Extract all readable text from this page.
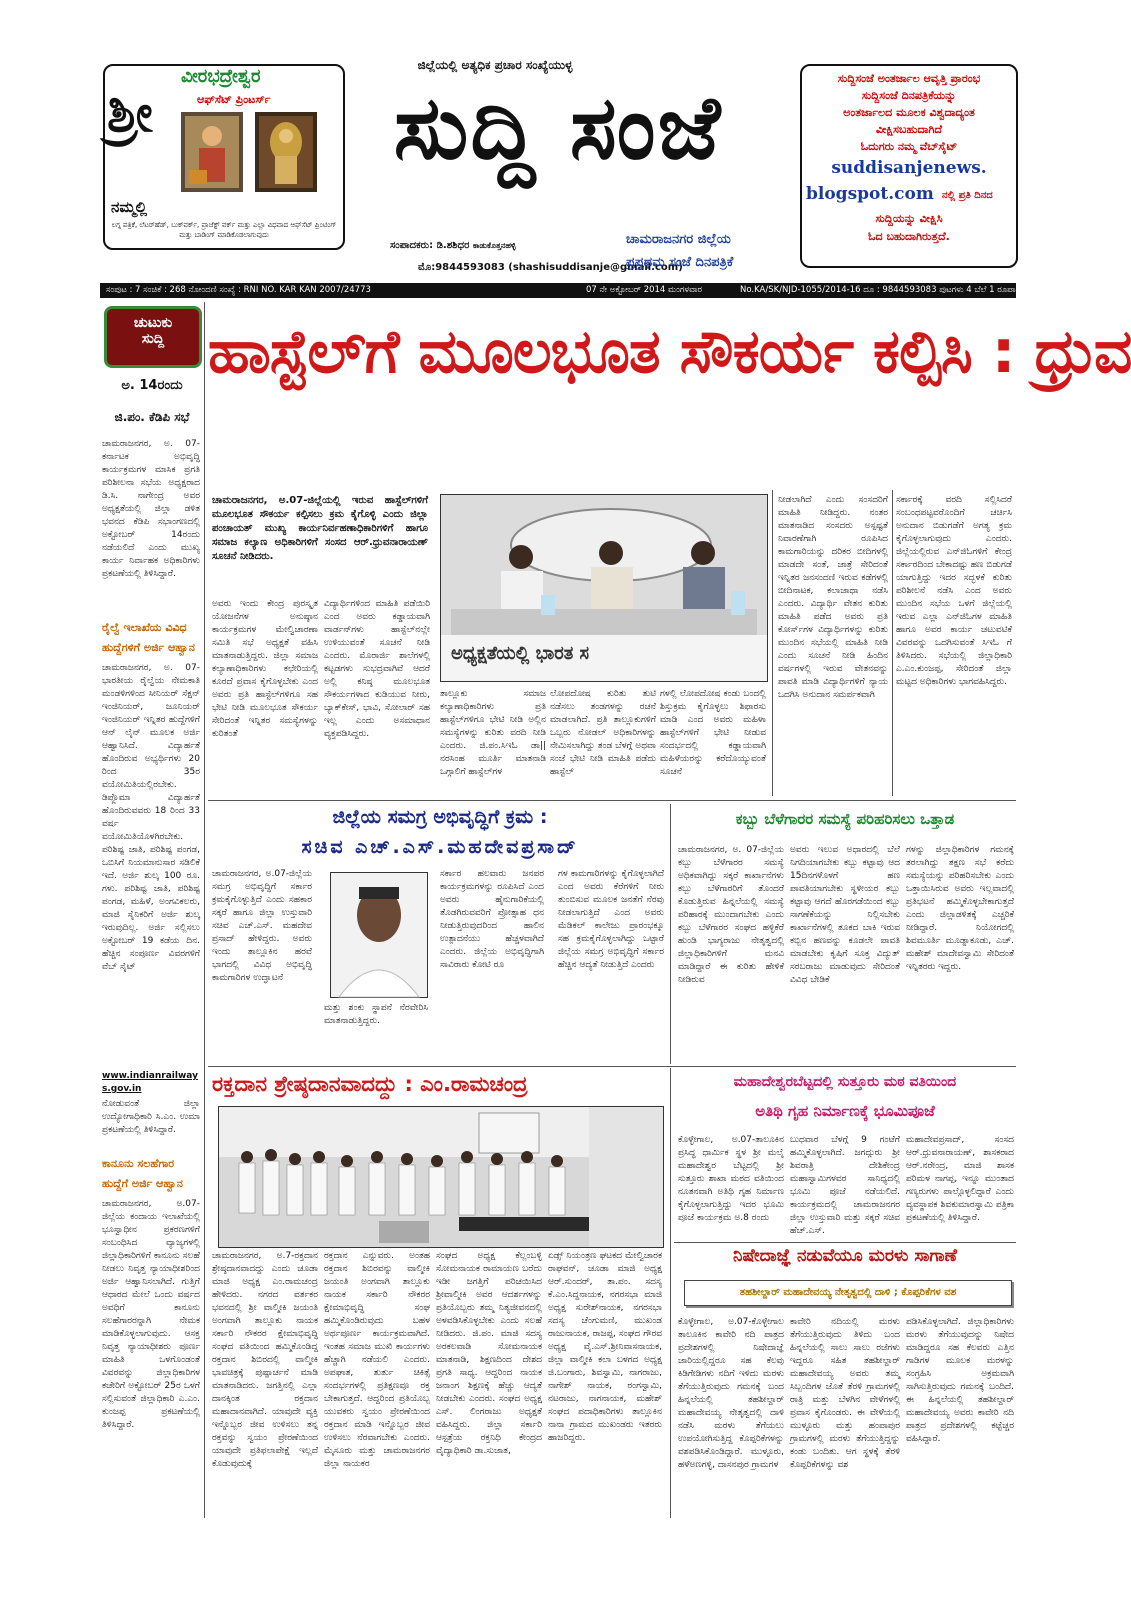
ಶ್ರೀ
ವೀರಭದ್ರೇಶ್ವರ
ಆಫ್‌ಸೆಟ್ ಪ್ರಿಂಟರ್ಸ್
ನಮ್ಮಲ್ಲಿ
ಲಗ್ನ ಪತ್ರಿಕೆ, ಲೆಟರ್‌ಹೆಡ್, ಬುಕ್‌ವರ್ಕ್, ಪ್ರಾಜೆಕ್ಟ್ ವರ್ಕ್ ಮತ್ತು ಎಲ್ಲಾ ವಿಧವಾದ ಆಫ್‌ಸೆಟ್ ಪ್ರಿಂಟಿಂಗ್ ಮತ್ತು ಬಾಡಿಂಗ್ ಮಾಡಿಕೊಡಲಾಗುವುದು
ಜಿಲ್ಲೆಯಲ್ಲಿ ಅತ್ಯಧಿಕ ಪ್ರಚಾರ ಸಂಖ್ಯೆಯುಳ್ಳ
ಸುದ್ದಿ ಸಂಜೆ
ಸಂಪಾದಕರು: ಡಿ.ಶಶಿಧರ ಕಾಡುಕೊತ್ತನಹಳ್ಳಿ
ಮೊ:9844593083 (shashisuddisanje@gmail.com)
ಚಾಮರಾಜನಗರ ಜಿಲ್ಲೆಯ
ಪ್ರಪ್ರಥಮ ಸಂಜೆ ದಿನಪತ್ರಿಕೆ
ಸುದ್ದಿಸಂಜೆ ಅಂತರ್ಜಾಲ ಆವೃತ್ತಿ ಪ್ರಾರಂಭ
ಸುದ್ದಿಸಂಜೆ ದಿನಪತ್ರಿಕೆಯನ್ನು
ಅಂತರ್ಜಾಲದ ಮೂಲಕ ವಿಶ್ವದಾದ್ಯಂತ
ವೀಕ್ಷಿಸಬಹುದಾಗಿದೆ
ಓದುಗರು ನಮ್ಮ ವೆಬ್‌ಸೈಟ್
suddisanjenews.
blogspot.com ನಲ್ಲಿ ಪ್ರತಿ ದಿನದ
ಸುದ್ದಿಯನ್ನು ವೀಕ್ಷಿಸಿ
ಓದ ಬಹುದಾಗಿರುತ್ತದೆ.
ಸಂಪುಟ : 7 ಸಂಚಿಕೆ : 268 ನೋಂದಣಿ ಸಂಖ್ಯೆ : RNI NO. KAR KAN 2007/24773	07 ನೇ ಅಕ್ಟೋಬರ್ 2014 ಮಂಗಳವಾರ	No.KA/SK/NJD-1055/2014-16 ದೂ : 9844593083 ಪುಟಗಳು 4 ಬೆಲೆ 1 ರೂಪಾಯಿ
ಚುಟುಕು
ಸುದ್ದಿ
ಅ. 14ರಂದು
ಜಿ.ಪಂ. ಕೆಡಿಪಿ ಸಭೆ
ಚಾಮರಾಜನಗರ, ಅ. 07-ಕರ್ನಾಟಕ ಅಭಿವೃದ್ಧಿ ಕಾರ್ಯಕ್ರಮಗಳ ಮಾಸಿಕ ಪ್ರಗತಿ ಪರಿಶೀಲನಾ ಸಭೆಯ ಅಧ್ಯಕ್ಷರಾದ ಡಿ.ಸಿ. ನಾಗೇಂದ್ರ ಅವರ ಅಧ್ಯಕ್ಷತೆಯಲ್ಲಿ ಜಿಲ್ಲಾ ಡಳಿತ ಭವನದ ಕೆಡಿಪಿ ಸಭಾಂಗಣದಲ್ಲಿ ಅಕ್ಟೋಬರ್ 14ರಂದು ನಡೆಯಲಿದೆ ಎಂದು ಮುಖ್ಯ ಕಾರ್ಯ ನಿರ್ವಾಹಕ ಅಧಿಕಾರಿಗಳು ಪ್ರಕಟಣೆಯಲ್ಲಿ ತಿಳಿಸಿದ್ದಾರೆ.
ರೈಲ್ವೆ ಇಲಾಖೆಯ ವಿವಿಧ ಹುದ್ದೆಗಳಿಗೆ ಅರ್ಜಿ ಆಹ್ವಾನ
ಚಾಮರಾಜನಗರ, ಅ. 07-ಭಾರತೀಯ ರೈಲ್ವೆಯ ನೇಮಕಾತಿ ಮಂಡಳಿಗಳಿಂದ ಸೀನಿಯರ್ ಸೆಕ್ಷನ್ ಇಂಜಿನಿಯರ್, ಜೂನಿಯರ್ ಇಂಜಿನಿಯರ್ ಇನ್ನಿತರ ಹುದ್ದೆಗಳಿಗೆ ಆನ್ ಲೈನ್ ಮೂಲಕ ಅರ್ಜಿ ಆಹ್ವಾನಿಸಿದೆ. ವಿದ್ಯಾರ್ಹತೆ ಹೊಂದಿರುವ ಅಭ್ಯರ್ಥಿಗಳು 20 ರಿಂದ 35ರ ವಯೋಮಿತಿಯಲ್ಲಿರಬೇಕು. ಡಿಪ್ಲೊಮಾ ವಿದ್ಯಾರ್ಹತೆ ಹೊಂದಿರುವವರು 18 ರಿಂದ 33 ವರ್ಷ ವಯೋಮಿತಿಯೊಳಗಿರಬೇಕು. ಪರಿಶಿಷ್ಟ ಜಾತಿ, ಪರಿಶಿಷ್ಟ ಪಂಗಡ, ಒಬಿಸಿಗೆ ನಿಯಮಾನುಸಾರ ಸಡಿಲಿಕೆ ಇದೆ. ಅರ್ಜಿ ಶುಲ್ಕ 100 ರೂ. ಗಳು. ಪರಿಶಿಷ್ಟ ಜಾತಿ, ಪರಿಶಿಷ್ಟ ಪಂಗಡ, ಮಹಿಳೆ, ಅಂಗವಿಕಲರು, ಮಾಜಿ ಸೈನಿಕರಿಗೆ ಅರ್ಜಿ ಶುಲ್ಕ ಇರುವುದಿಲ್ಲ. ಅರ್ಜಿ ಸಲ್ಲಿಸಲು ಅಕ್ಟೋಬರ್ 19 ಕಡೆಯ ದಿನ. ಹೆಚ್ಚಿನ ಸಂಪೂರ್ಣ ವಿವರಗಳಿಗೆ ವೆಬ್ ಸೈಟ್
www.indianrailways.gov.in
ನೋಡುವಂತೆ ಜಿಲ್ಲಾ ಉದ್ಯೋಗಾಧಿಕಾರಿ ಸಿ.ಎಂ. ಉಮಾ ಪ್ರಕಟಣೆಯಲ್ಲಿ ತಿಳಿಸಿದ್ದಾರೆ.
ಕಾನೂನು ಸಲಹೆಗಾರ ಹುದ್ದೆಗೆ ಅರ್ಜಿ ಆಹ್ವಾನ
ಚಾಮರಾಜನಗರ, ಅ.07-ಜಿಲ್ಲೆಯ ಕಂದಾಯ ಇಲಾಖೆಯಲ್ಲಿ ಭೂಸ್ವಾಧೀನ ಪ್ರಕರಣಗಳಿಗೆ ಸಂಬಂಧಿಸಿದ ವ್ಯಾಜ್ಯಗಳಲ್ಲಿ ಜಿಲ್ಲಾಧಿಕಾರಿಗಳಿಗೆ ಕಾನೂನು ಸಲಹೆ ನೀಡಲು ನಿವೃತ್ತ ನ್ಯಾಯಾಧೀಶರಿಂದ ಅರ್ಜಿ ಆಹ್ವಾನಿಸಲಾಗಿದೆ. ಗುತ್ತಿಗೆ ಆಧಾರದ ಮೇಲೆ ಒಂದು ವರ್ಷದ ಅವಧಿಗೆ ಕಾನೂನು ಸಲಹೆಗಾರರನ್ನಾಗಿ ನೇಮಕ ಮಾಡಿಕೊಳ್ಳಲಾಗುವುದು. ಆಸಕ್ತ ನಿವೃತ್ತ ನ್ಯಾಯಾಧೀಶರು ಪೂರ್ಣ ಮಾಹಿತಿ ಒಳಗೊಂಡಂತೆ ವಿವರವನ್ನು ಜಿಲ್ಲಾಧಿಕಾರಿಗಳ ಕಚೇರಿಗೆ ಅಕ್ಟೋಬರ್ 25ರ ಒಳಗೆ ಸಲ್ಲಿಸುವಂತೆ ಜಿಲ್ಲಾಧಿಕಾರಿ ಎ.ಎಂ. ಕುಂಜಪ್ಪ ಪ್ರಕಟಣೆಯಲ್ಲಿ ತಿಳಿಸಿದ್ದಾರೆ.
ಹಾಸ್ಟೆಲ್‌ಗೆ ಮೂಲಭೂತ ಸೌಕರ್ಯ ಕಲ್ಪಿಸಿ : ಧ್ರುವ
ಚಾಮರಾಜನಗರ, ಅ.07-ಜಿಲ್ಲೆಯಲ್ಲಿ ಇರುವ ಹಾಸ್ಟೆಲ್‌ಗಳಿಗೆ ಮೂಲಭೂತ ಸೌಕರ್ಯ ಕಲ್ಪಿಸಲು ಕ್ರಮ ಕೈಗೊಳ್ಳಿ ಎಂದು ಜಿಲ್ಲಾ ಪಂಚಾಯತ್ ಮುಖ್ಯ ಕಾರ್ಯನಿರ್ವಹಣಾಧಿಕಾರಿಗಳಿಗೆ ಹಾಗೂ ಸಮಾಜ ಕಲ್ಯಾಣ ಅಧಿಕಾರಿಗಳಿಗೆ ಸಂಸದ ಆರ್.ಧ್ರುವನಾರಾಯಣ್ ಸೂಚನೆ ನೀಡಿದರು.
ಅವರು ಇಂದು ಕೇಂದ್ರ ಪುರಸ್ಕೃತ ಯೋಜನೆಗಳ ಅನುಷ್ಠಾನ ಕಾರ್ಯಕ್ರಮಗಳ ಮೇಲ್ವಿಚಾರಣಾ ಸಮಿತಿ ಸಭೆ ಅಧ್ಯಕ್ಷತೆ ವಹಿಸಿ ಮಾತನಾಡುತ್ತಿದ್ದರು. ಜಿಲ್ಲಾ ಸಮಾಜ ಕಲ್ಯಾಣಾಧಿಕಾರಿಗಳು ಕಛೇರಿಯಲ್ಲಿ ಕೂರದೆ ಪ್ರವಾಸ ಕೈಗೊಳ್ಳಬೇಕು ಎಂದ ಅವರು ಪ್ರತಿ ಹಾಸ್ಟೆಲ್‌ಗಳಿಗೂ ಸಹ ಭೇಟಿ ನೀಡಿ ಮೂಲಭೂತ ಸೌಕರ್ಯ ಸೇರಿದಂತೆ ಇನ್ನಿತರ ಸಮಸ್ಯೆಗಳನ್ನು ಕುರಿತಂತೆ
ವಿದ್ಯಾರ್ಥಿಗಳಿಂದ ಮಾಹಿತಿ ಪಡೆಯಿರಿ ಎಂದ ಅವರು ಕಡ್ಡಾಯವಾಗಿ ವಾರ್ಡನ್‌ಗಳು ಹಾಸ್ಟೆಲ್‌ನಲ್ಲೇ ಉಳಿಯುವಂತೆ ಸೂಚನೆ ನೀಡಿ ಎಂದರು. ಮೊರಾರ್ಜಿ ಶಾಲೆಗಳಲ್ಲಿ ಕಟ್ಟಡಗಳು ಸುಭದ್ರವಾಗಿವೆ ಆದರೆ ಅಲ್ಲಿ ಕನಿಷ್ಠ ಮೂಲಭೂತ ಸೌಕರ್ಯಗಳಾದ ಕುಡಿಯುವ ನೀರು, ಬ್ಯಾಕ್‌ಕೇಸ್, ಭಾವಿ, ಸೋಲಾರ್ ಸಹ ಇಲ್ಲ ಎಂದು ಅಸಮಾಧಾನ ವ್ಯಕ್ತಪಡಿಸಿದ್ದರು.
ಅಧ್ಯಕ್ಷತೆಯಲ್ಲಿ ಭಾರತ ಸ
ತಾಲ್ಲೂಕು ಸಮಾಜ ಕಲ್ಯಾಣಾಧಿಕಾರಿಗಳು ಪ್ರತಿ ಹಾಸ್ಟೆಲ್‌ಗಳಿಗೂ ಭೇಟಿ ನೀಡಿ ಅಲ್ಲಿನ ಸಮಸ್ಯೆಗಳನ್ನು ಕುರಿತು ವರದಿ ನೀಡಿ ಎಂದರು. ಜಿ.ಪಂ.ಸಿಇಓ ಡಾ|| ನರಸಿಂಹ ಮೂರ್ತಿ ಮಾತನಾಡಿ ಒಗ್ಗಾಲಿಗೆ ಹಾಸ್ಟೆಲ್‌ಗಳ
ಲೋಪದೋಷ ಕುರಿತು ತುಟಿ ನಡೆಸಲು ತಂಡಗಳನ್ನು ರಚನೆ ಮಾಡಲಾಗಿದೆ. ಪ್ರತಿ ತಾಲ್ಲೂಕುಗಳಿಗೆ ಒಬ್ಬರು ನೋಡಲ್ ಅಧಿಕಾರಿಗಳನ್ನು ನೇಮಿಸಲಾಗಿದ್ದು ತಂಡ ಬೆಳಗ್ಗೆ ಅಥವಾ ಸಂಜೆ ಭೇಟಿ ನೀಡಿ ಮಾಹಿತಿ ಪಡೆದು ಹಾಸ್ಟೆಲ್
ಗಳಲ್ಲಿ ಲೋಪದೋಷ ಕಂಡು ಬಂದಲ್ಲಿ ಶಿಸ್ತುಕ್ರಮ ಕೈಗೊಳ್ಳಲು ಶಿಫಾರಸು ಮಾಡಿ ಎಂದ ಅವರು ಮಹಿಳಾ ಹಾಸ್ಟೆಲ್‌ಗಳಿಗೆ ಭೇಟಿ ನೀಡುವ ಸಂದರ್ಭದಲ್ಲಿ ಕಡ್ಡಾಯವಾಗಿ ಮಹಿಳೆಯರನ್ನು ಕರೆದೊಯ್ಯುವಂತೆ ಸೂಚನೆ
ನೀಡಲಾಗಿದೆ ಎಂದು ಸಂಸದರಿಗೆ ಮಾಹಿತಿ ನೀಡಿದ್ದರು. ನಂತರ ಮಾತನಾಡಿದ ಸಂಸದರು ಅಸ್ಪಷ್ಟತೆ ನಿವಾರಣೆಗಾಗಿ ರೂಪಿಸಿದ ಕಾಮಗಾರಿಯನ್ನು ದರಿಕರ ಬೀದಿಗಳಲ್ಲಿ ಮಾಡದೇ ಸಂತೆ, ಜಾತ್ರೆ ಸೇರಿದಂತೆ ಇನ್ನಿತರ ಜನಸಂದಣಿ ಇರುವ ಕಡೆಗಳಲ್ಲಿ ಬೀದಿನಾಟಕ, ಕಲಾಜಾಥಾ ನಡೆಸಿ ಎಂದರು. ವಿದ್ಯಾರ್ಥಿ ವೇತನ ಕುರಿತು ಮಾಹಿತಿ ಪಡೆದ ಅವರು ಪ್ರತಿ ಕೋರ್ಸ್‌ಗಳ ವಿದ್ಯಾರ್ಥಿಗಳನ್ನು ಕುರಿತು ಮುಂದಿನ ಸಭೆಯಲ್ಲಿ ಮಾಹಿತಿ ನೀಡಿ ಎಂದು ಸೂಚನೆ ನೀಡಿ ಹಿಂದಿನ ವರ್ಷಗಳಲ್ಲಿ ಇರುವ ವೇತನವನ್ನು ಪಾವತಿ ಮಾಡಿ ವಿದ್ಯಾರ್ಥಿಗಳಿಗೆ ನ್ಯಾಯ ಒದಗಿಸಿ ಅನುದಾನ ಸಮರ್ಪಕವಾಗಿ
ಸರ್ಕಾರಕ್ಕೆ ವರದಿ ಸಲ್ಲಿಸಿದರೆ ಸಂಬಂಧಪಟ್ಟವರೊಂದಿಗೆ ಚರ್ಚಿಸಿ ಅನುದಾನ ಬಿಡುಗಡೆಗೆ ಅಗತ್ಯ ಕ್ರಮ ಕೈಗೊಳ್ಳಲಾಗುವುದು ಎಂದರು. ಜಿಲ್ಲೆಯಲ್ಲಿರುವ ಎನ್‌ಜಿಓಗಳಿಗೆ ಕೇಂದ್ರ ಸರ್ಕಾರದಿಂದ ಬೇಕಾದಷ್ಟು ಹಣ ಬಿಡುಗಡೆ ಯಾಗುತ್ತಿದ್ದು ಇದರ ಸದ್ಭಳಕೆ ಕುರಿತು ಪರಿಶೀಲನೆ ನಡೆಸಿ ಎಂದ ಅವರು ಮುಂದಿನ ಸಭೆಯ ಒಳಗೆ ಜಿಲ್ಲೆಯಲ್ಲಿ ಇರುವ ಎಲ್ಲಾ ಎನ್‌ಜಿಓಗಳ ಮಾಹಿತಿ ಹಾಗೂ ಅವರ ಕಾರ್ಯ ಚಟುವಟಿಕೆ ವಿವರವನ್ನು ಒದಗಿಸುವಂತೆ ಸಿಇಓ ಗೆ ತಿಳಿಸಿದರು. ಸಭೆಯಲ್ಲಿ ಜಿಲ್ಲಾಧಿಕಾರಿ ಎ.ಎಂ.ಕುಂಜಪ್ಪ, ಸೇರಿದಂತೆ ಜಿಲ್ಲಾ ಮಟ್ಟದ ಅಧಿಕಾರಿಗಳು ಭಾಗವಹಿಸಿದ್ದರು.
ಜಿಲ್ಲೆಯ ಸಮಗ್ರ ಅಭಿವೃದ್ಧಿಗೆ ಕ್ರಮ :
ಸಚಿವ ಎಚ್.ಎಸ್.ಮಹದೇವಪ್ರಸಾದ್
ಚಾಮರಾಜನಗರ, ಅ.07-ಜಿಲ್ಲೆಯ ಸಮಗ್ರ ಅಭಿವೃದ್ಧಿಗೆ ಸರ್ಕಾರ ಕ್ರಮಕೈಗೊಳ್ಳುತ್ತಿದೆ ಎಂದು ಸಹಕಾರ ಸಕ್ಕರೆ ಹಾಗೂ ಜಿಲ್ಲಾ ಉಸ್ತುವಾರಿ ಸಚಿವ ಎಚ್.ಎಸ್. ಮಹದೇವ ಪ್ರಸಾದ್ ಹೇಳಿದ್ದರು. ಅವರು ಇಂದು ತಾಲ್ಲೂಕಿನ ಹರವೆ ಭಾಗದಲ್ಲಿ ವಿವಿಧ ಅಭಿವೃದ್ಧಿ ಕಾಮಗಾರಿಗಳ ಉದ್ಘಾಟನೆ
ಮತ್ತು ಶಂಕು ಸ್ಥಾಪನೆ ನೆರವೇರಿಸಿ ಮಾತನಾಡುತ್ತಿದ್ದರು.
ಸರ್ಕಾರ ಹಲವಾರು ಜನಪರ ಕಾರ್ಯಕ್ರಮಗಳನ್ನು ರೂಪಿಸಿದೆ ಎಂದ ಅವರು ಹೈನುಗಾರಿಕೆಯಲ್ಲಿ ತೊಡಗಿರುವವರಿಗೆ ಪ್ರೋತ್ಸಾಹ ಧನ ನೀಡುತ್ತಿರುವುದರಿಂದ ಹಾಲಿನ ಉತ್ಪಾದನೆಯು ಹೆಚ್ಚಳವಾಗಿದೆ ಎಂದರು. ಜಿಲ್ಲೆಯ ಅಭಿವೃದ್ಧಿಗಾಗಿ ಸಾವಿರಾರು ಕೋಟಿ ರೂ
ಗಳ ಕಾಮಗಾರಿಗಳನ್ನು ಕೈಗೊಳ್ಳಲಾಗಿದೆ ಎಂದ ಅವರು ಕೆರೆಗಳಿಗೆ ನೀರು ತುಂಬಿಸುವ ಮೂಲಕ ಜನತೆಗೆ ನೆರವು ನೀಡಲಾಗುತ್ತಿದೆ ಎಂದ ಅವರು ಮೆಡಿಕಲ್ ಕಾಲೇಜು ಪ್ರಾರಂಭಕ್ಕೂ ಸಹ ಕ್ರಮಕೈಗೊಳ್ಳಲಾಗಿದ್ದು ಒಟ್ಟಾರೆ ಜಿಲ್ಲೆಯ ಸಮಗ್ರ ಅಭಿವೃದ್ಧಿಗೆ ಸರ್ಕಾರ ಹೆಚ್ಚಿನ ಆದ್ಯತೆ ನೀಡುತ್ತಿದೆ ಎಂದರು
ಕಬ್ಬು ಬೆಳೆಗಾರರ ಸಮಸ್ಯೆ ಪರಿಹರಿಸಲು ಒತ್ತಾಡ
ಚಾಮರಾಜನಗರ, ಅ. 07-ಜಿಲ್ಲೆಯ ಕಬ್ಬು ಬೆಳೆಗಾರರ ಸಮಸ್ಯೆ ಅಧಿಕವಾಗಿದ್ದು ಸಕ್ಕರೆ ಕಾರ್ಖಾನೆಗಳು ಕಬ್ಬು ಬೆಳೆಗಾರರಿಗೆ ತೊಂದರೆ ಕೊಡುತ್ತಿರುವ ಹಿನ್ನಲೆಯಲ್ಲಿ ಸಮಸ್ಯೆ ಪರಿಹಾರಕ್ಕೆ ಮುಂದಾಗಬೇಕು ಎಂದು ಕಬ್ಬು ಬೆಳೆಗಾರರ ಸಂಘದ ಹಳ್ಳಿಕೆರೆ ಹುಂಡಿ ಭಾಗ್ಯರಾಜು ನೇತೃತ್ವದಲ್ಲಿ ಜಿಲ್ಲಾಧಿಕಾರಿಗಳಿಗೆ ಮನವಿ ಮಾಡಿದ್ದಾರೆ ಈ ಕುರಿತು ಹೇಳಿಕೆ ನೀಡಿರುವ
ಅವರು ಇಲುವ ಅಧಾರದಲ್ಲಿ ಬೆಲೆ ನಿಗದಿಯಾಗಬೇಕು ಕಬ್ಬು ಕಟ್ಟಾವು ಆದ 15ದಿನಗಳೊಳಗೆ ಹಣ ಪಾವತಿಯಾಗಬೇಕು ಸ್ಥಳೀಯರ ಕಬ್ಬು ಕಟ್ಟಾವು ಆಗದೆ ಹೊರಗಡೆಯಿಂದ ಕಬ್ಬು ಸಾಗಣೆಕೆಯನ್ನು ನಿಲ್ಲಿಸಬೇಕು ಕಾರ್ಖಾನೆಗಳಲ್ಲಿ ತೂಕದ ಬಾಕಿ ಇರುವ ಕಬ್ಬಿನ ಹಣವನ್ನು ಕೂಡಲೇ ಪಾವತಿ ಮಾಡಬೇಕು ಕೃಷಿಗೆ ಸೂಕ್ತ ವಿದ್ಯುತ್ ಸರಬರಾಜು ಮಾಡುವುದು ಸೇರಿದಂತೆ ವಿವಿಧ ಬೇಡಿಕೆ
ಗಳನ್ನು ಜಿಲ್ಲಾಧಿಕಾರಿಗಳ ಗಮನಕ್ಕೆ ತರಲಾಗಿದ್ದು ತಕ್ಷಣ ಸಭೆ ಕರೆದು ಸಮಸ್ಯೆಯನ್ನು ಪರಿಹರಿಸಬೇಕು ಎಂದು ಒತ್ತಾಯಿಸಿರುವ ಅವರು ಇಲ್ಲವಾದಲ್ಲಿ ಪ್ರತಿಭಟನೆ ಹಮ್ಮಿಕೊಳ್ಳಬೇಕಾಗುತ್ತದೆ ಎಂದು ಜಿಲ್ಲಾಡಳಿತಕ್ಕೆ ಎಚ್ಚರಿಕೆ ನೀಡಿದ್ದಾರೆ. ನಿಯೋಗದಲ್ಲಿ ಶಿವಮೂರ್ತಿ ಮೂಡ್ನಾಕೂಡು, ಎಚ್. ಮಹೇಶ್ ಮಾದೇವಸ್ವಾಮಿ ಸೇರಿದಂತೆ ಇನ್ನಿತರರು ಇದ್ದರು.
ರಕ್ತದಾನ ಶ್ರೇಷ್ಠದಾನವಾದದ್ದು : ಎಂ.ರಾಮಚಂದ್ರ
ಚಾಮರಾಜನಗರ, ಅ.7-ರಕ್ತದಾನ ಶ್ರೇಷ್ಠದಾನವಾದದ್ದು ಎಂದು ಚೂಡಾ ಮಾಜಿ ಅಧ್ಯಕ್ಷ ಎಂ.ರಾಮಚಂದ್ರ ಹೇಳಿದರು. ನಗರದ ವರ್ತಕರ ಭವನದಲ್ಲಿ ಶ್ರೀ ವಾಲ್ಮೀಕಿ ಜಯಂತಿ ಅಂಗವಾಗಿ ತಾಲ್ಲೂಕು ನಾಯಕ ಸರ್ಕಾರಿ ನೌಕರರ ಕ್ಷೇಮಾಭಿವೃದ್ಧಿ ಸಂಘದ ವತಿಯಿಂದ ಹಮ್ಮಿಕೊಂಡಿದ್ದ ರಕ್ತದಾನ ಶಿಬಿರದಲ್ಲಿ ವಾಲ್ಮೀಕಿ ಭಾವಚಿತ್ರಕ್ಕೆ ಪುಷ್ಪಾರ್ಚನೆ ಮಾಡಿ ಮಾತನಾಡಿದರು. ಜಗತ್ತಿನಲ್ಲಿ ಎಲ್ಲಾ ದಾನಕ್ಕಿಂತ ರಕ್ತದಾನ ಮಹಾದಾನವಾಗಿದೆ. ಯಾವುದೇ ವ್ಯಕ್ತಿ ಇನ್ನೊಬ್ಬರ ಜೀವ ಉಳಿಸಲು ತನ್ನ ರಕ್ತವನ್ನು ಸ್ವಯಂ ಪ್ರೇರಣೆಯಿಂದ ಯಾವುದೇ ಪ್ರತಿಫಲಾಪೇಕ್ಷೆ ಇಲ್ಲದೆ ಕೊಡುವುದುಕ್ಕೆ
ರಕ್ತದಾನ ಎನ್ನುವರು. ಅಂತಹ ರಕ್ತದಾನ ಶಿಬಿರವನ್ನು ವಾಲ್ಮೀಕಿ ಜಯಂತಿ ಅಂಗವಾಗಿ ತಾಲ್ಲೂಕು ನಾಯಕ ಸರ್ಕಾರಿ ನೌಕರರ ಕ್ಷೇಮಾಭಿವೃದ್ಧಿ ಸಂಘ ಹಮ್ಮಿಕೊಂಡಿರುವುದು ಬಹಳ ಅರ್ಥಪೂರ್ಣ ಕಾರ್ಯಕ್ರಮವಾಗಿದೆ. ಇಂತಹ ಸಮಾಜ ಮುಖಿ ಕಾರ್ಯಗಳು ಹೆಚ್ಚಾಗಿ ನಡೆಯಲಿ ಎಂದರು. ಅಪಘಾತ, ತುರ್ತು ಚಿಕಿತ್ಸೆ ಸಂದರ್ಭಗಳಲ್ಲಿ ಪ್ರತಿಕ್ಷಣವೂ ರಕ್ತ ಬೇಕಾಗುತ್ತದೆ. ಆದ್ದರಿಂದ ಪ್ರತಿಯೊಬ್ಬ ಯುವಕರು ಸ್ವಯಂ ಪ್ರೇರಣೆಯಿಂದ ರಕ್ತದಾನ ಮಾಡಿ ಇನ್ನೊಬ್ಬರ ಜೀವ ಉಳಿಸಲು ನೆರವಾಗಬೇಕು ಎಂದರು. ಮೈಸೂರು ಮತ್ತು ಚಾಮರಾಜನಗರ ಜಿಲ್ಲಾ ನಾಯಕರ
ಸಂಘದ ಅಧ್ಯಕ್ಷ ಕೆಲ್ಲಂಬಳ್ಳಿ ಸೋಮನಾಯಕ ರಾಮಾಯಣ ಬರೆದು ಇಡೀ ಜಗತ್ತಿಗೆ ಪರಿಚಯಿಸಿದ ಶ್ರೀವಾಲ್ಮೀಕಿ ಅವರ ಆದರ್ಶಗಳನ್ನು ಪ್ರತಿಯೊಬ್ಬರು ತಮ್ಮ ನಿತ್ಯಜೀವನದಲ್ಲಿ ಅಳವಡಿಸಿಕೊಳ್ಳಬೇಕು ಎಂದು ಸಲಹೆ ನೀಡಿದರು. ಜಿ.ಪಂ. ಮಾಜಿ ಸದಸ್ಯ ಅರಕಲವಾಡಿ ಸೋಮನಾಯಕ ಮಾತನಾಡಿ, ಶಿಕ್ಷಣದಿಂದ ದೇಶದ ಪ್ರಗತಿ ಸಾಧ್ಯ. ಆದ್ದರಿಂದ ನಾಯಕ ಜನಾಂಗ ಶಿಕ್ಷಣಕ್ಕೆ ಹೆಚ್ಚು ಆದ್ಯತೆ ನೀಡಬೇಕು ಎಂದರು. ಸಂಘದ ಅಧ್ಯಕ್ಷ ಎಸ್. ಲಿಂಗರಾಜು ಅಧ್ಯಕ್ಷತೆ ವಹಿಸಿದ್ದರು. ಜಿಲ್ಲಾ ಸರ್ಕಾರಿ ಆಸ್ಪತ್ರೆಯ ರಕ್ತನಿಧಿ ಕೇಂದ್ರದ ವೈದ್ಯಾಧಿಕಾರಿ ಡಾ.ಸುಜಾತ,
ಏಡ್ಸ್ ನಿಯಂತ್ರಣ ಘಟಕದ ಮೇಲ್ವಿಚಾರಕ ರಾಘವನ್, ಚೂಡಾ ಮಾಜಿ ಅಧ್ಯಕ್ಷ ಆರ್.ಸುಂದರ್, ತಾ.ಪಂ. ಸದಸ್ಯ ಕೆ.ಎಂ.ಸಿದ್ದನಾಯಕ, ನಗರಸಭಾ ಮಾಜಿ ಅಧ್ಯಕ್ಷ ಸುರೇಶ್‌ನಾಯಕ, ನಗರಸಭಾ ಸದಸ್ಯ ಚೆಂಗುಮಣಿ, ಮುಖಂಡ ರಾಜುನಾಯಕ, ರಾಜಪ್ಪ, ಸಂಘದ ಗೌರವ ಅಧ್ಯಕ್ಷ ವೈ.ಎಸ್.ಶ್ರೀನಿವಾಸನಾಯಕ, ಜಿಲ್ಲಾ ವಾಲ್ಮೀಕಿ ಕಲಾ ಬಳಗದ ಅಧ್ಯಕ್ಷ ಜಿ.ಬಂಗಾರು, ಶಿವಸ್ವಾಮಿ, ನಾಗರಾಜು, ನಾಗೇಶ್ ನಾಯಕ, ರಂಗಸ್ವಾಮಿ, ನಟರಾಜು, ನಾಗನಾಯಕ, ಮಹೇಶ್ ಸಂಘದ ಪದಾಧಿಕಾರಿಗಳು ತಾಲ್ಲೂಕಿನ ನಾನಾ ಗ್ರಾಮದ ಮುಖಂಡರು ಇತರರು ಹಾಜರಿದ್ದರು.
ಮಹಾದೇಶ್ವರಬೆಟ್ಟದಲ್ಲಿ ಸುತ್ತೂರು ಮಠ ವತಿಯಿಂದ
ಅತಿಥಿ ಗೃಹ ನಿರ್ಮಾಣಕ್ಕೆ ಭೂಮಿಪೂಜೆ
ಕೊಳ್ಳೇಗಾಲ, ಅ.07-ತಾಲೂಕಿನ ಪ್ರಸಿದ್ಧ ಧಾರ್ಮಿಕ ಸ್ಥಳ ಶ್ರೀ ಮಲೈ ಮಹಾದೇಶ್ವರ ಬೆಟ್ಟದಲ್ಲಿ ಶ್ರೀ ಸುತ್ತೂರು ಶಾಖಾ ಮಠದ ವತಿಯಿಂದ ನೂತನವಾಗಿ ಅತಿಥಿ ಗೃಹ ನಿರ್ಮಾಣ ಕೈಗೊಳ್ಳಲಾಗುತ್ತಿದ್ದು ಇದರ ಭೂಮಿ ಪೂಜೆ ಕಾರ್ಯಕ್ರಮ ಅ.8 ರಂದು
ಬುಧವಾರ ಬೆಳಗ್ಗೆ 9 ಗಂಟೆಗೆ ಹಮ್ಮಿಕೊಳ್ಳಲಾಗಿದೆ. ಜಗದ್ಗುರು ಶ್ರೀ ಶಿವರಾತ್ರಿ ದೇಶಿಕೇಂದ್ರ ಮಹಾಸ್ವಾಮಿಗಳವರ ಸಾನಿಧ್ಯದಲ್ಲಿ ಭೂಮಿ ಪೂಜೆ ನಡೆಯಲಿದೆ. ಕಾರ್ಯಕ್ರಮದಲ್ಲಿ ಚಾಮರಾಜನಗರ ಜಿಲ್ಲಾ ಉಸ್ತುವಾರಿ ಮತ್ತು ಸಕ್ಕರೆ ಸಚಿವ ಹೆಚ್.ಎಸ್.
ಮಹಾದೇವಪ್ರಸಾದ್, ಸಂಸದ ಆರ್.ಧ್ರುವನಾರಾಯಣ್, ಶಾಸಕರಾದ ಆರ್.ನರೇಂದ್ರ, ಮಾಜಿ ಶಾಸಕ ಪರಿಮಳ ನಾಗಪ್ಪ, ಇನ್ನೂ ಮುಂತಾದ ಗಣ್ಯರುಗಳು ಪಾಲ್ಗೊಳ್ಳಲಿದ್ದಾರೆ ಎಂದು ವ್ಯವಸ್ಥಾಪಕ ಶಿವಕುಮಾರಸ್ವಾಮಿ ಪತ್ರಿಕಾ ಪ್ರಕಟಣೆಯಲ್ಲಿ ತಿಳಿಸಿದ್ದಾರೆ.
ನಿಷೇದಾಜ್ಞೆ ನಡುವೆಯೂ ಮರಳು ಸಾಗಾಣೆ
ತಹಶೀಲ್ದಾರ್ ಮಹಾದೇವಯ್ಯ ನೇತೃತ್ವದಲ್ಲಿ ದಾಳಿ ; ಕೊಪ್ಪರಿಕೆಗಳ ವಶ
ಕೊಳ್ಳೇಗಾಲ, ಅ.07-ಕೊಳ್ಳೇಗಾಲ ತಾಲೂಕಿನ ಕಾವೇರಿ ನದಿ ಪಾತ್ರದ ಪ್ರದೇಶಗಳಲ್ಲಿ ನಿಷೇದಾಜ್ಞೆ ಜಾರಿಯಲ್ಲಿದ್ದರೂ ಸಹ ಕೆಲವು ಕಿಡಿಗೇಡಿಗಳು ನದಿಗೆ ಇಳಿದು ಮರಳು ತೆಗೆಯುತ್ತಿರುವುದು ಗಮನಕ್ಕೆ ಬಂದ ಹಿನ್ನಲೆಯಲ್ಲಿ ತಹಶೀಲ್ದಾರ್ ಮಹಾದೇವಯ್ಯ ನೇತೃತ್ವದಲ್ಲಿ ದಾಳಿ ನಡೆಸಿ ಮರಳು ತೆಗೆಯಲು ಉಪಯೋಗಿಸುತ್ತಿದ್ದ ಕೊಪ್ಪರಿಕೆಗಳನ್ನು ವಶಪಡಿಸಿಕೊಂಡಿದ್ದಾರೆ. ಮುಳ್ಳೂರು, ಹಳೆಅಣಗಳ್ಳಿ, ದಾಸನಪುರ ಗ್ರಾಮಗಳ
ಕಾವೇರಿ ನದಿಯಲ್ಲಿ ಮರಳು ತೆಗೆಯುತ್ತಿರುವುದು ತಿಳಿದು ಬಂದ ಹಿನ್ನಲೆಯಲ್ಲಿ ಸಾಲು ಸಾಲು ರಜೆಗಳು ಇದ್ದರೂ ಸಹಿತ ತಹಶೀಲ್ದಾರ್ ಮಹಾದೇವಯ್ಯ ಅವರು ತಮ್ಮ ಸಿಬ್ಬಂದಿಗಳ ಜೊತೆ ತೆರಳಿ ಗ್ರಾಮಗಳಲ್ಲಿ ರಾತ್ರಿ ಮತ್ತು ಬೆಳಗಿನ ವೇಳೆಗಳಲ್ಲಿ ಪ್ರವಾಸ ಕೈಗೊಂಡರು. ಈ ವೇಳೆಯಲ್ಲಿ ಮುಳ್ಳೂರು ಮತ್ತು ಹಂಪಾಪುರ ಗ್ರಾಮಗಳಲ್ಲಿ ಮರಳು ತೆಗೆಯುತ್ತಿದ್ದನ್ನು ಕಂಡು ಬಂದಿತು. ಆಗ ಸ್ಥಳಕ್ಕೆ ತೆರಳಿ ಕೊಪ್ಪರಿಕೆಗಳನ್ನು ವಶ
ಪಡಿಸಿಕೊಳ್ಳಲಾಗಿದೆ. ಜಿಲ್ಲಾಧಿಕಾರಿಗಳು ಮರಳು ತೆಗೆಯುವುದನ್ನು ನಿಷೇದ ಮಾಡಿದ್ದರೂ ಸಹ ಕೆಲವರು ಎತ್ತಿನ ಗಾಡಿಗಳ ಮೂಲಕ ಮರಳನ್ನು ಸಂಗ್ರಹಿಸಿ ಅಕ್ರಮವಾಗಿ ಸಾಗಿಸುತ್ತಿರುವುದು ಗಮನಕ್ಕೆ ಬಂದಿದೆ. ಈ ಹಿನ್ನಲೆಯಲ್ಲಿ ತಹಶೀಲ್ದಾರ್ ಮಹಾದೇವಯ್ಯ ಅವರು ಕಾವೇರಿ ನದಿ ಪಾತ್ರದ ಪ್ರದೇಶಗಳಲ್ಲಿ ಕಟ್ಟೆಚ್ಚರ ವಹಿಸಿದ್ದಾರೆ.
